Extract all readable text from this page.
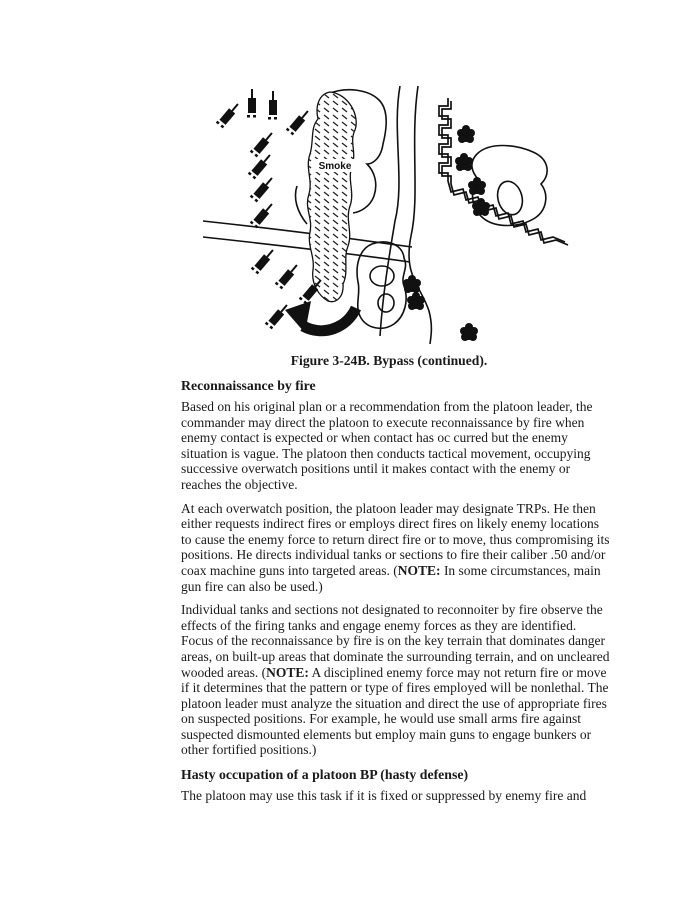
Smoke
Figure 3-24B. Bypass (continued).
Reconnaissance by fire

Based on his original plan or a recommendation from the platoon leader, the commander may direct the platoon to execute reconnaissance by fire when enemy contact is expected or when contact has oc curred but the enemy situation is vague. The platoon then conducts tactical movement, occupying successive overwatch positions until it makes contact with the enemy or reaches the objective.

At each overwatch position, the platoon leader may designate TRPs. He then either requests indirect fires or employs direct fires on likely enemy locations to cause the enemy force to return direct fire or to move, thus compromising its positions. He directs individual tanks or sections to fire their caliber .50 and/or coax machine guns into targeted areas. (NOTE: In some circumstances, main gun fire can also be used.)

Individual tanks and sections not designated to reconnoiter by fire observe the effects of the firing tanks and engage enemy forces as they are identified. Focus of the reconnaissance by fire is on the key terrain that dominates danger areas, on built-up areas that dominate the surrounding terrain, and on uncleared wooded areas. (NOTE: A disciplined enemy force may not return fire or move if it determines that the pattern or type of fires employed will be nonlethal. The platoon leader must analyze the situation and direct the use of appropriate fires on suspected positions. For example, he would use small arms fire against suspected dismounted elements but employ main guns to engage bunkers or other fortified positions.)

Hasty occupation of a platoon BP (hasty defense)

The platoon may use this task if it is fixed or suppressed by enemy fire and
